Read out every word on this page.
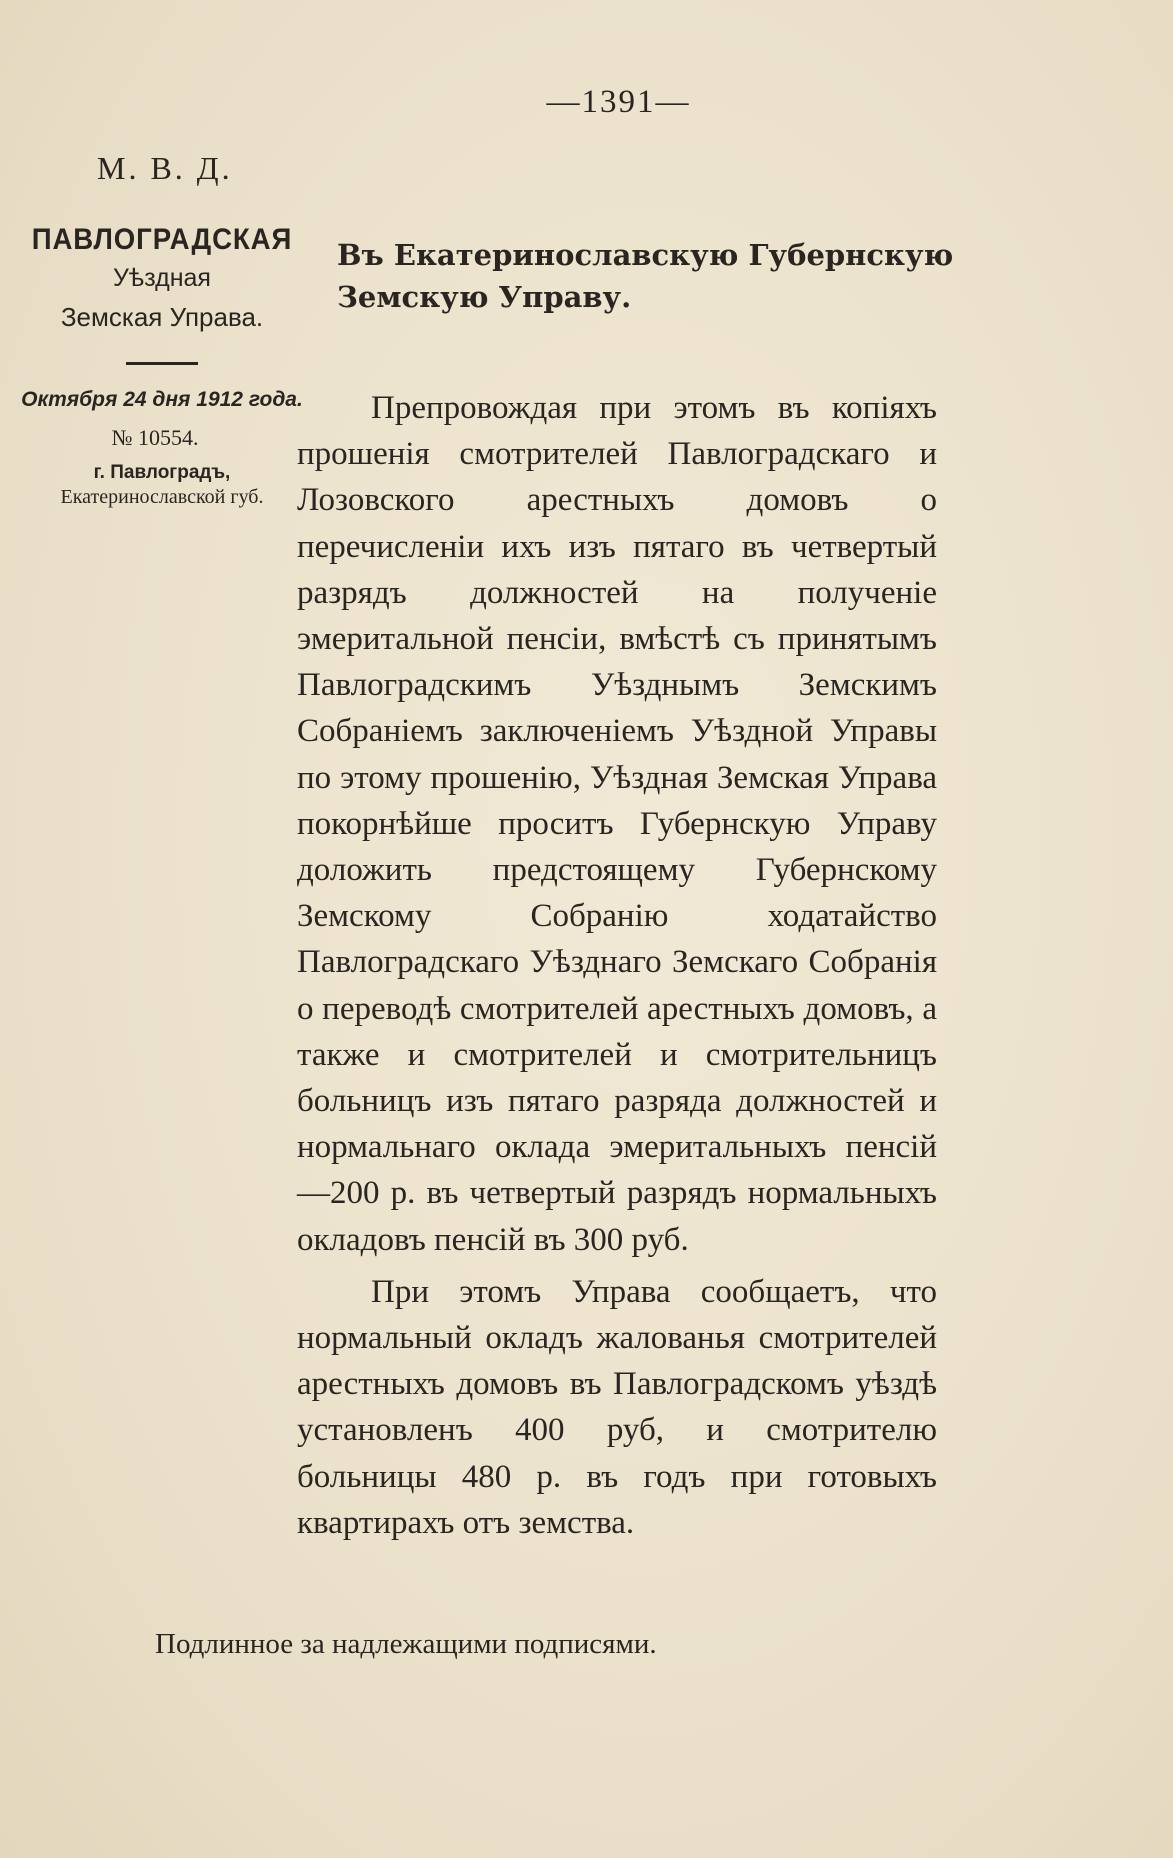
—1391—
М. В. Д.
ПАВЛОГРАДСКАЯ
Уѣздная
Земская Управа.
Октября 24 дня 1912 года.
№ 10554.
г. Павлоградъ,
Екатеринославской губ.
Въ Екатеринославскую Губернскую Земскую Управу.

Препровождая при этомъ въ копіяхъ прошенія смотрителей Павлоградскаго и Лозовского арестныхъ домовъ о перечисленіи ихъ изъ пятаго въ четвертый разрядъ должностей на полученіе эмеритальной пенсіи, вмѣстѣ съ принятымъ Павлоградскимъ Уѣзднымъ Земскимъ Собраніемъ заключеніемъ Уѣздной Управы по этому прошенію, Уѣздная Земская Управа покорнѣйше проситъ Губернскую Управу доложить предстоящему Губернскому Земскому Собранію ходатайство Павлоградскаго Уѣзднаго Земскаго Собранія о переводѣ смотрителей арестныхъ домовъ, а также и смотрителей и смотрительницъ больницъ изъ пятаго разряда должностей и нормальнаго оклада эмеритальныхъ пенсій—200 р. въ четвертый разрядъ нормальныхъ окладовъ пенсій въ 300 руб.

При этомъ Управа сообщаетъ, что нормальный окладъ жалованья смотрителей арестныхъ домовъ въ Павлоградскомъ уѣздѣ установленъ 400 руб, и смотрителю больницы 480 р. въ годъ при готовыхъ квартирахъ отъ земства.

Подлинное за надлежащими подписями.
